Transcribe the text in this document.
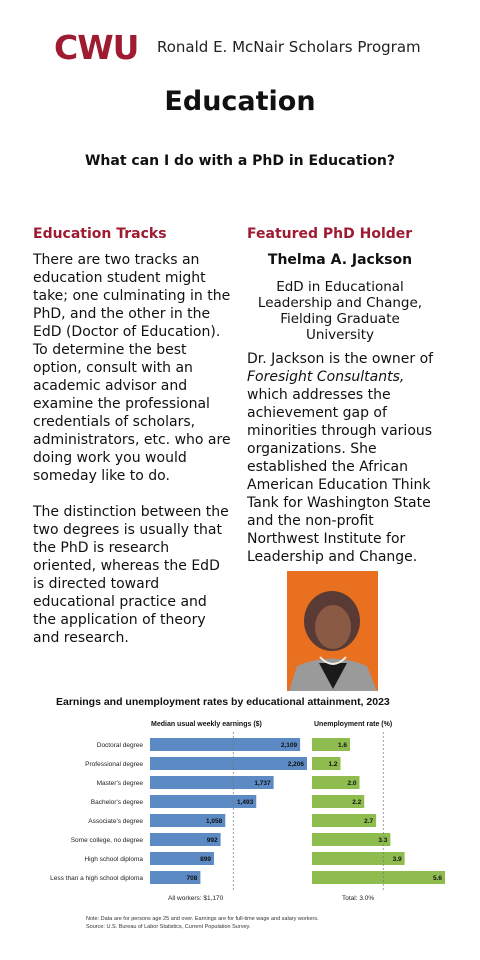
CWU Ronald E. McNair Scholars Program
Education
What can I do with a PhD in Education?
Education Tracks
There are two tracks an education student might take; one culminating in the PhD, and the other in the EdD (Doctor of Education). To determine the best option, consult with an academic advisor and examine the professional credentials of scholars, administrators, etc. who are doing work you would someday like to do.
The distinction between the two degrees is usually that the PhD is research oriented, whereas the EdD is directed toward educational practice and the application of theory and research.
Featured PhD Holder
Thelma A. Jackson
EdD in Educational Leadership and Change, Fielding Graduate University
Dr. Jackson is the owner of Foresight Consultants, which addresses the achievement gap of minorities through various organizations. She established the African American Education Think Tank for Washington State and the non-profit Northwest Institute for Leadership and Change.
Earnings and unemployment rates by educational attainment, 2023
Median usual weekly earnings ($)	Unemployment rate (%)
Doctoral degree
Professional degree
Master's degree
Bachelor's degree
Associate's degree
Some college, no degree
High school diploma
Less than a high school diploma
2,109
2,206
1,737
1,493
1,058
992
899
708
1.6
1.2
2.0
2.2
2.7
3.3
3.9
5.6
All workers: $1,170	Total: 3.0%
Note: Data are for persons age 25 and over. Earnings are for full-time wage and salary workers.
Source: U.S. Bureau of Labor Statistics, Current Population Survey.
